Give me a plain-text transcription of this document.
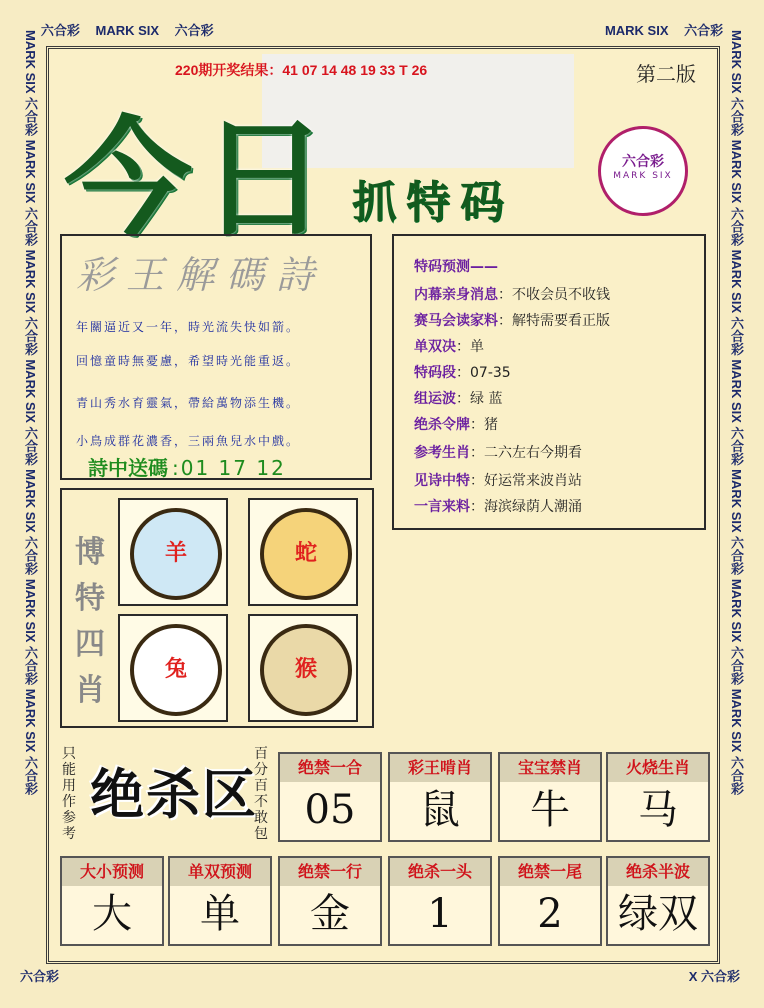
六合彩 MARK SIX 六合彩	MARK SIX 六合彩
MARK SIX 六合彩 MARK SIX 六合彩 MARK SIX 六合彩 MARK SIX 六合彩 MARK SIX 六合彩 MARK SIX 六合彩 MARK SIX 六合彩	MARK SIX 六合彩 MARK SIX 六合彩 MARK SIX 六合彩 MARK SIX 六合彩 MARK SIX 六合彩 MARK SIX 六合彩 MARK SIX 六合彩
六合彩	X 六合彩
220期开奖结果：41 07 14 48 19 33 T 26	第二版
今日 抓特码
六合彩
MARK SIX
彩王解碼詩
年關逼近又一年，時光流失快如箭。
回憶童時無憂慮，希望時光能重返。
青山秀水育靈氣，帶給萬物添生機。
小鳥成群花濃香，三兩魚兒水中戲。
詩中送碼 :01 17 12
特码预测——
内幕亲身消息：不收会员不收钱
赛马会读家料：解特需要看正版
单双决：单
特码段：07-35
组运波：绿 蓝
绝杀令牌：猪
参考生肖：二六左右今期看
见诗中特：好运常来波肖站
一言来料：海滨绿荫人潮涌
博特四肖
羊	蛇
兔	猴
只能用作参考
绝杀区
百分百不敢包
绝禁一合
05
彩王啃肖
鼠
宝宝禁肖
牛
火烧生肖
马
大小预测
大
单双预测
单
绝禁一行
金
绝杀一头
1
绝禁一尾
2
绝杀半波
绿双
